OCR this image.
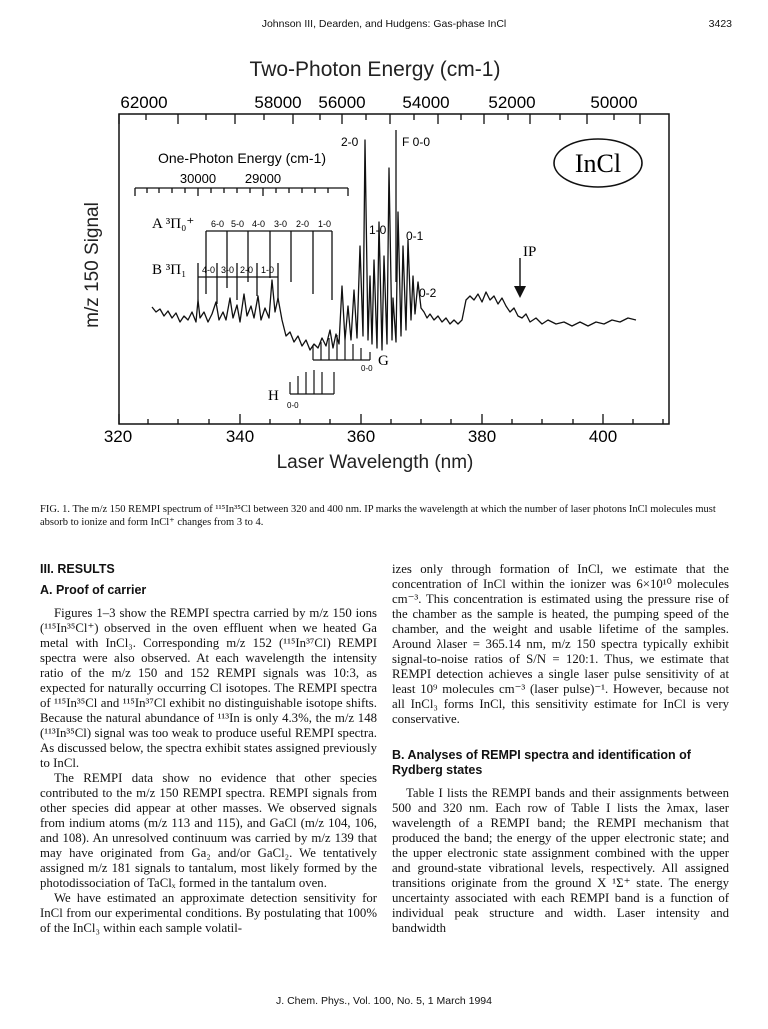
Johnson III, Dearden, and Hudgens: Gas-phase InCl	3423
Two-Photon Energy (cm-1)
62000	58000 56000 54000 52000	50000
320	340	360	380	400
Laser Wavelength (nm)
m/z 150 Signal
One-Photon Energy (cm-1)
30000 29000
InCl
A ³Π₀⁺ 6-0 5-0 4-0 3-0 2-0 1-0
B ³Π₁ 4-0 3-0 2-0 1-0
2-0	F 0-0
1-0 0-1
0-2
IP
G
0-0
H
0-0
FIG. 1. The m/z 150 REMPI spectrum of ¹¹⁵In³⁵Cl between 320 and 400 nm. IP marks the wavelength at which the number of laser photons InCl molecules must absorb to ionize and form InCl⁺ changes from 3 to 4.
III. RESULTS
A. Proof of carrier

Figures 1–3 show the REMPI spectra carried by m/z 150 ions (¹¹⁵In³⁵Cl⁺) observed in the oven effluent when we heated Ga metal with InCl₃. Corresponding m/z 152 (¹¹⁵In³⁷Cl) REMPI spectra were also observed. At each wavelength the intensity ratio of the m/z 150 and 152 REMPI signals was 10:3, as expected for naturally occurring Cl isotopes. The REMPI spectra of ¹¹⁵In³⁵Cl and ¹¹⁵In³⁷Cl exhibit no distinguishable isotope shifts. Because the natural abundance of ¹¹³In is only 4.3%, the m/z 148 (¹¹³In³⁵Cl) signal was too weak to produce useful REMPI spectra. As discussed below, the spectra exhibit states assigned previously to InCl.

The REMPI data show no evidence that other species contributed to the m/z 150 REMPI spectra. REMPI signals from other species did appear at other masses. We observed signals from indium atoms (m/z 113 and 115), and GaCl (m/z 104, 106, and 108). An unresolved continuum was carried by m/z 139 that may have originated from Ga₂ and/or GaCl₂. We tentatively assigned m/z 181 signals to tantalum, most likely formed by the photodissociation of TaClₓ formed in the tantalum oven.

We have estimated an approximate detection sensitivity for InCl from our experimental conditions. By postulating that 100% of the InCl₃ within each sample volatil-

izes only through formation of InCl, we estimate that the concentration of InCl within the ionizer was 6×10¹⁰ molecules cm⁻³. This concentration is estimated using the pressure rise of the chamber as the sample is heated, the pumping speed of the chamber, and the weight and usable lifetime of the samples. Around λlaser = 365.14 nm, m/z 150 spectra typically exhibit signal-to-noise ratios of S/N = 120:1. Thus, we estimate that REMPI detection achieves a single laser pulse sensitivity of at least 10⁹ molecules cm⁻³ (laser pulse)⁻¹. However, because not all InCl₃ forms InCl, this sensitivity estimate for InCl is very conservative.

B. Analyses of REMPI spectra and identification of Rydberg states

Table I lists the REMPI bands and their assignments between 500 and 320 nm. Each row of Table I lists the λmax, laser wavelength of a REMPI band; the REMPI mechanism that produced the band; the energy of the upper electronic state; and the upper electronic state assignment combined with the upper and ground-state vibrational levels, respectively. All assigned transitions originate from the ground X ¹Σ⁺ state. The energy uncertainty associated with each REMPI band is a function of individual peak structure and width. Laser intensity and bandwidth

J. Chem. Phys., Vol. 100, No. 5, 1 March 1994
